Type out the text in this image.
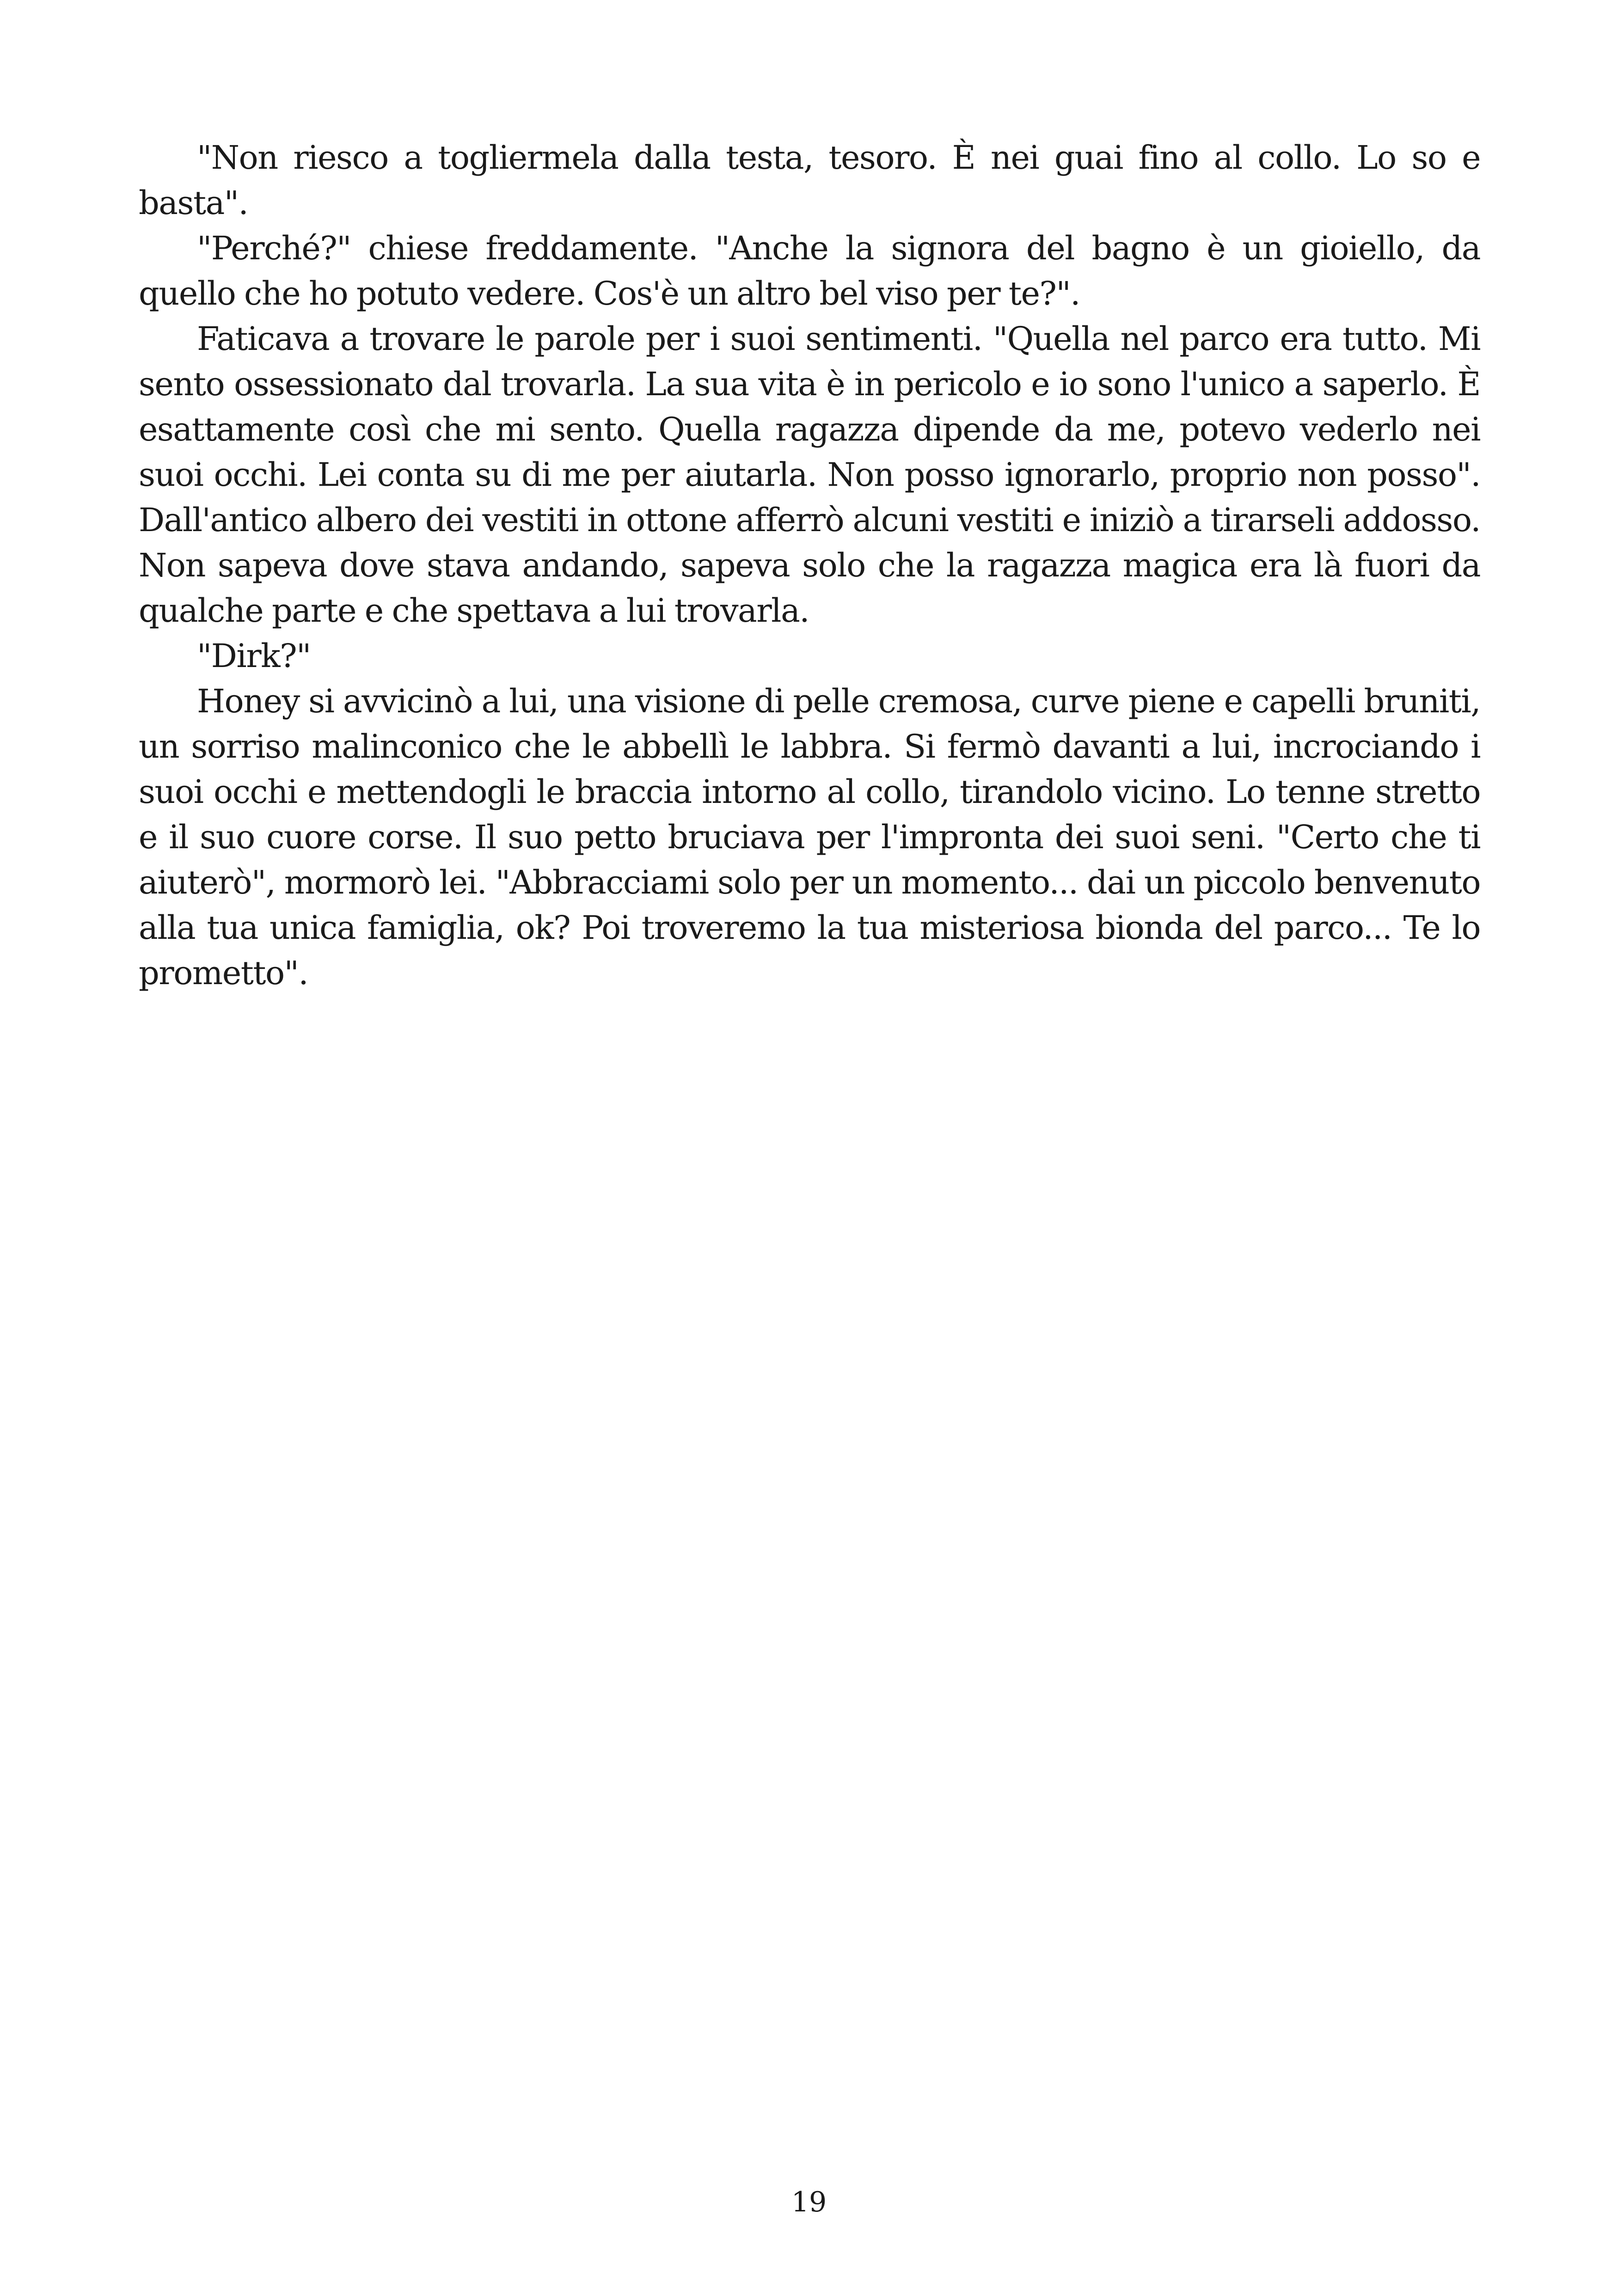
"Non riesco a togliermela dalla testa, tesoro. È nei guai fino al collo. Lo so e basta".

"Perché?" chiese freddamente. "Anche la signora del bagno è un gioiello, da quello che ho potuto vedere. Cos'è un altro bel viso per te?".

Faticava a trovare le parole per i suoi sentimenti. "Quella nel parco era tutto. Mi sento ossessionato dal trovarla. La sua vita è in pericolo e io sono l'unico a saperlo. È esattamente così che mi sento. Quella ragazza dipende da me, potevo vederlo nei suoi occhi. Lei conta su di me per aiutarla. Non posso ignorarlo, proprio non posso". Dall'antico albero dei vestiti in ottone afferrò alcuni vestiti e iniziò a tirarseli addosso. Non sapeva dove stava andando, sapeva solo che la ragazza magica era là fuori da qualche parte e che spettava a lui trovarla.

"Dirk?"

Honey si avvicinò a lui, una visione di pelle cremosa, curve piene e capelli bruniti, un sorriso malinconico che le abbellì le labbra. Si fermò davanti a lui, incrociando i suoi occhi e mettendogli le braccia intorno al collo, tirandolo vicino. Lo tenne stretto e il suo cuore corse. Il suo petto bruciava per l'impronta dei suoi seni. "Certo che ti aiuterò", mormorò lei. "Abbracciami solo per un momento... dai un piccolo benvenuto alla tua unica famiglia, ok? Poi troveremo la tua misteriosa bionda del parco... Te lo prometto".

19
